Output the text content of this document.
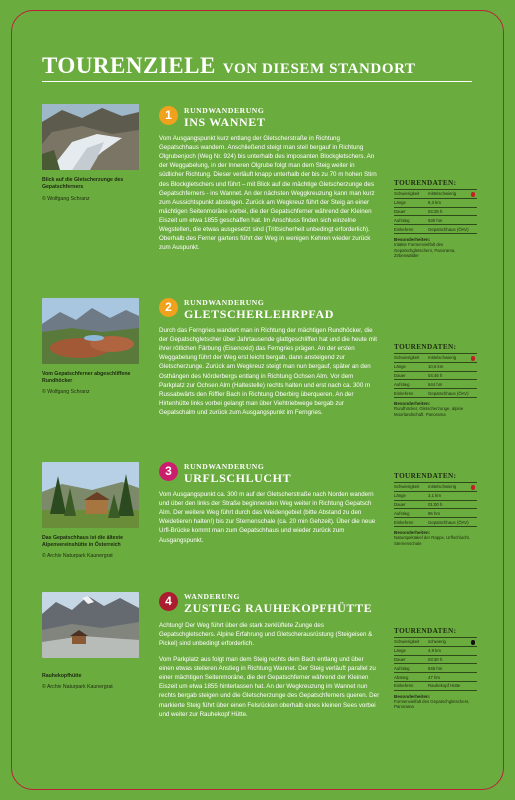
TOURENZIELE VON DIESEM STANDORT
Blick auf die Gletscherzunge des Gepatschferners
© Wolfgang Schranz
1	RUNDWANDERUNG
INS WANNET
Vom Ausgangspunkt kurz entlang der Gletscherstraße in Richtung Gepatschhaus wandern. Anschließend steigt man steil bergauf in Richtung Olgrubenjoch (Weg Nr. 924) bis unterhalb des imposanten Blockgletschers. An der Weggabelung, in der Inneren Olgrube folgt man dem Steig weiter in südlicher Richtung. Dieser verläuft knapp unterhalb der bis zu 70 m hohen Stirn des Blockgletschers und führt – mit Blick auf die mächtige Gletscherzunge des Gepatschferners - ins Wannet. An der nächsten Weggkreuzung kann man kurz zum Aussichtspunkt absteigen. Zurück am Wegkreuz führt der Steig an einer mächtigen Seitenmoräne vorbei, die der Gepatschferner während der Kleinen Eiszeit um etwa 1855 geschaffen hat. Im Anschluss finden sich einzelne Wegstellen, die etwas ausgesetzt sind (Trittsicherheit unbedingt erforderlich). Oberhalb des Ferner gartens führt der Weg in wenigen Kehren wieder zurück zum Auspunkt.
TOURENDATEN:
Schwierigkeit	mittelschwierig
Länge	8,3 km
Dauer	04:25 h
Aufstieg	630 hm
Einkehren	Gepatschhaus (ÖAV)
Besonderheiten:
Intakte Formenvielfalt des Gepatschgletschers, Panorama, Zirbenwälder
Vom Gepatschferner abgeschliffene Rundhöcker
© Wolfgang Schranz
2	RUNDWANDERUNG
GLETSCHERLEHRPFAD
Durch das Ferngries wandert man in Richtung der mächtigen Rundhöcker, die der Gepatschgletscher über Jahrtausende glattgeschliffen hat und die heute mit ihrer rötlichen Färbung (Eisenoxid) das Ferngries prägen. An der ersten Weggabelung führt der Weg erst leicht bergab, dann ansteigend zur Gletscherzunge. Zurück am Wegkreuz steigt man nun bergauf, später an den Osthängen des Nörderbergs entlang in Richtung Ochsen Alm. Vor dem Parkplatz zur Ochsen Alm (Haltestelle) rechts halten und erst nach ca. 300 m Russabwärts den Riffler Bach in Richtung Oberbirg überqueren. An der Hirtenhütte links vorbei gelangt man über Viehtriebwege bergab zur Gepatschalm und zurück zum Ausgangspunkt im Ferngries.
TOURENDATEN:
Schwierigkeit	mittelschwierig
Länge	10,5 km
Dauer	04:45 h
Aufstieg	644 hm
Einkehren	Gepatschhaus (ÖAV)
Besonderheiten:
Rundhöcker, Gletscherzunge, alpine Moorlandschaft, Panorama
Das Gepatschhaus ist die älteste Alpenvereinshütte in Österreich
© Archiv Naturpark Kaunergrat
3	RUNDWANDERUNG
URFLSCHLUCHT
Vom Ausgangspunkt ca. 300 m auf der Gletscherstraße nach Norden wandern und über den links der Straße beginnenden Weg weiter in Richtung Gepatsch Alm. Der weitere Weg führt durch das Weidengebiet (bitte Abstand zu den Weidetieren halten!) bis zur Sternenschale (ca. 20 min Gehzeit). Über die neue Urfl-Brücke kommt man zum Gepatschhaus und wieder zurück zum Ausgangspunkt.
TOURENDATEN:
Schwierigkeit	mittelschwierig
Länge	3,1 km
Dauer	01:00 h
Aufstieg	96 hm
Einkehren	Gepatschhaus (ÖAV)
Besonderheiten:
Naturspektakel der Rappe, Urflschlucht, Sternenschale
Rauhekopfhütte
© Archiv Naturpark Kaunergrat
4	WANDERUNG
ZUSTIEG RAUHEKOPFHÜTTE
Achtung! Der Weg führt über die stark zerklüftete Zunge des Gepatschgletschers. Alpine Erfahrung und Gletscherausrüstung (Steigeisen & Pickel) sind unbedingt erforderlich.
Vom Parkplatz aus folgt man dem Steig rechts dem Bach entlang und über einen etwas steileren Anstieg in Richtung Wannet. Der Steig verläuft parallel zu einer mächtigen Seitenmoräne, die der Gepatschferner während der Kleinen Eiszeit um etwa 1855 hinterlassen hat. An der Wegkreuzung im Wannet nun rechts bergab steigen und die Gletscherzunge des Gepatschferners queren. Der markierte Steig führt über einen Felsrücken oberhalb eines kleinen Sees vorbei und weiter zur Rauhekopf Hütte.
TOURENDATEN:
Schwierigkeit	schwierig
Länge	4,9 km
Dauer	03:30 h
Aufstieg	846 hm
Abstieg	47 hm
Einkehren	Rauhekopf Hütte
Besonderheiten:
Formenvielfalt des Gepatschgletschers, Panorama
